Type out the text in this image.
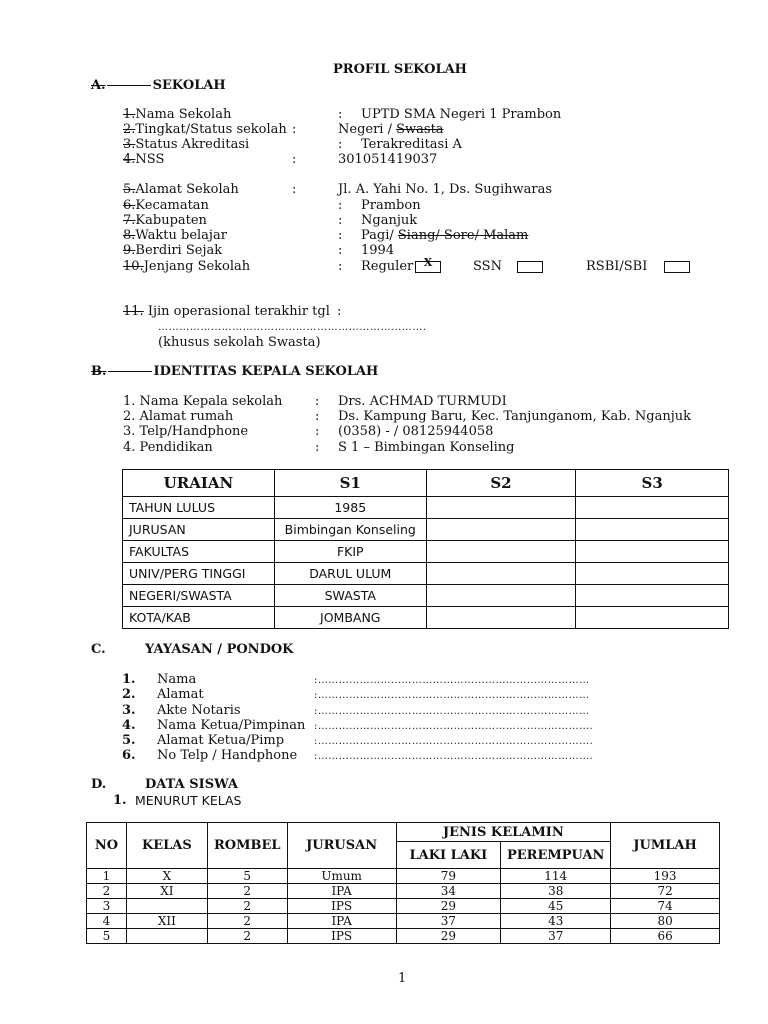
PROFIL SEKOLAH
A.	SEKOLAH
1.Nama Sekolah	: UPTD SMA Negeri 1 Prambon
2.Tingkat/Status sekolah :	Negeri / Swasta
3.Status Akreditasi	: Terakreditasi A
4.NSS	:	301051419037
5.Alamat Sekolah	:	Jl. A. Yahi No. 1, Ds. Sugihwaras
6.Kecamatan	: Prambon
7.Kabupaten	: Nganjuk
8.Waktu belajar	: Pagi/ Siang/ Sore/ Malam
9.Berdiri Sejak	: 1994
10.Jenjang Sekolah	: Reguler X	SSN	RSBI/SBI
11. Ijin operasional terakhir tgl :
………………………………………………………………….
(khusus sekolah Swasta)
B.	IDENTITAS KEPALA SEKOLAH
1. Nama Kepala sekolah	: Drs. ACHMAD TURMUDI
2. Alamat rumah	: Ds. Kampung Baru, Kec. Tanjunganom, Kab. Nganjuk
3. Telp/Handphone	: (0358) - / 08125944058
4. Pendidikan	: S 1 – Bimbingan Konseling
URAIAN	S1	S2	S3
TAHUN LULUS	1985		
JURUSAN	Bimbingan Konseling		
FAKULTAS	FKIP		
UNIV/PERG TINGGI	DARUL ULUM		
NEGERI/SWASTA	SWASTA		
KOTA/KAB	JOMBANG		
C.	YAYASAN / PONDOK
1. Nama	:……………………………………………………………………
2. Alamat	:……………………………………………………………………
3. Akte Notaris	:……………………………………………………………………
4. Nama Ketua/Pimpinan :…………………………………………………………………….
5. Alamat Ketua/Pimp	:…………………………………………………………………….
6. No Telp / Handphone :…………………………………………………………………….
D.	DATA SISWA
1. MENURUT KELAS
NO	KELAS	ROMBEL	JURUSAN	JENIS KELAMIN		JUMLAH
				LAKI LAKI	PEREMPUAN	
1	X	5	Umum	79	114	193
2	XI	2	IPA	34	38	72
3		2	IPS	29	45	74
4	XII	2	IPA	37	43	80
5		2	IPS	29	37	66
1
